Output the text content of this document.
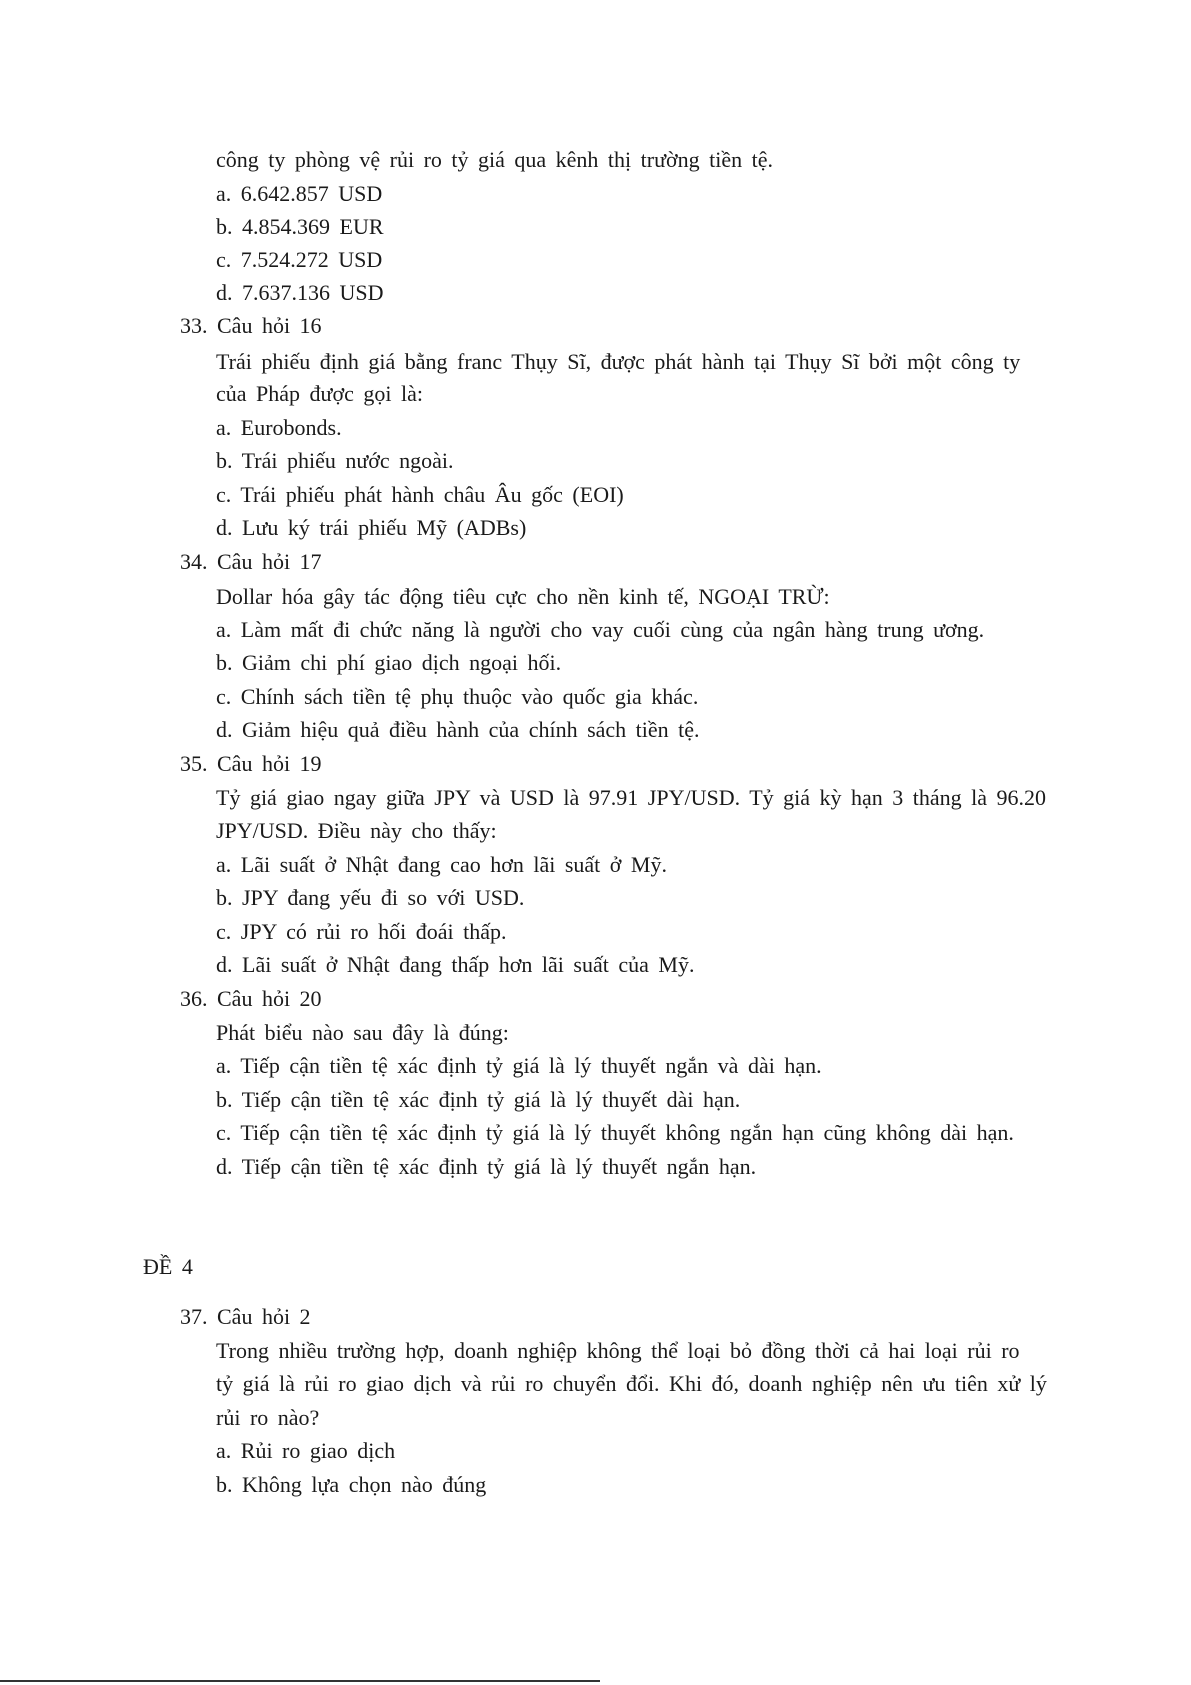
công ty phòng vệ rủi ro tỷ giá qua kênh thị trường tiền tệ.
a. 6.642.857 USD
b. 4.854.369 EUR
c. 7.524.272 USD
d. 7.637.136 USD
33. Câu hỏi 16
Trái phiếu định giá bằng franc Thụy Sĩ, được phát hành tại Thụy Sĩ bởi một công ty
của Pháp được gọi là:
a. Eurobonds.
b. Trái phiếu nước ngoài.
c. Trái phiếu phát hành châu Âu gốc (EOI)
d. Lưu ký trái phiếu Mỹ (ADBs)
34. Câu hỏi 17
Dollar hóa gây tác động tiêu cực cho nền kinh tế, NGOẠI TRỪ:
a. Làm mất đi chức năng là người cho vay cuối cùng của ngân hàng trung ương.
b. Giảm chi phí giao dịch ngoại hối.
c. Chính sách tiền tệ phụ thuộc vào quốc gia khác.
d. Giảm hiệu quả điều hành của chính sách tiền tệ.
35. Câu hỏi 19
Tỷ giá giao ngay giữa JPY và USD là 97.91 JPY/USD. Tỷ giá kỳ hạn 3 tháng là 96.20
JPY/USD. Điều này cho thấy:
a. Lãi suất ở Nhật đang cao hơn lãi suất ở Mỹ.
b. JPY đang yếu đi so với USD.
c. JPY có rủi ro hối đoái thấp.
d. Lãi suất ở Nhật đang thấp hơn lãi suất của Mỹ.
36. Câu hỏi 20
Phát biểu nào sau đây là đúng:
a. Tiếp cận tiền tệ xác định tỷ giá là lý thuyết ngắn và dài hạn.
b. Tiếp cận tiền tệ xác định tỷ giá là lý thuyết dài hạn.
c. Tiếp cận tiền tệ xác định tỷ giá là lý thuyết không ngắn hạn cũng không dài hạn.
d. Tiếp cận tiền tệ xác định tỷ giá là lý thuyết ngắn hạn.
ĐỀ 4
37. Câu hỏi 2
Trong nhiều trường hợp, doanh nghiệp không thể loại bỏ đồng thời cả hai loại rủi ro
tỷ giá là rủi ro giao dịch và rủi ro chuyển đổi. Khi đó, doanh nghiệp nên ưu tiên xử lý
rủi ro nào?
a. Rủi ro giao dịch
b. Không lựa chọn nào đúng
